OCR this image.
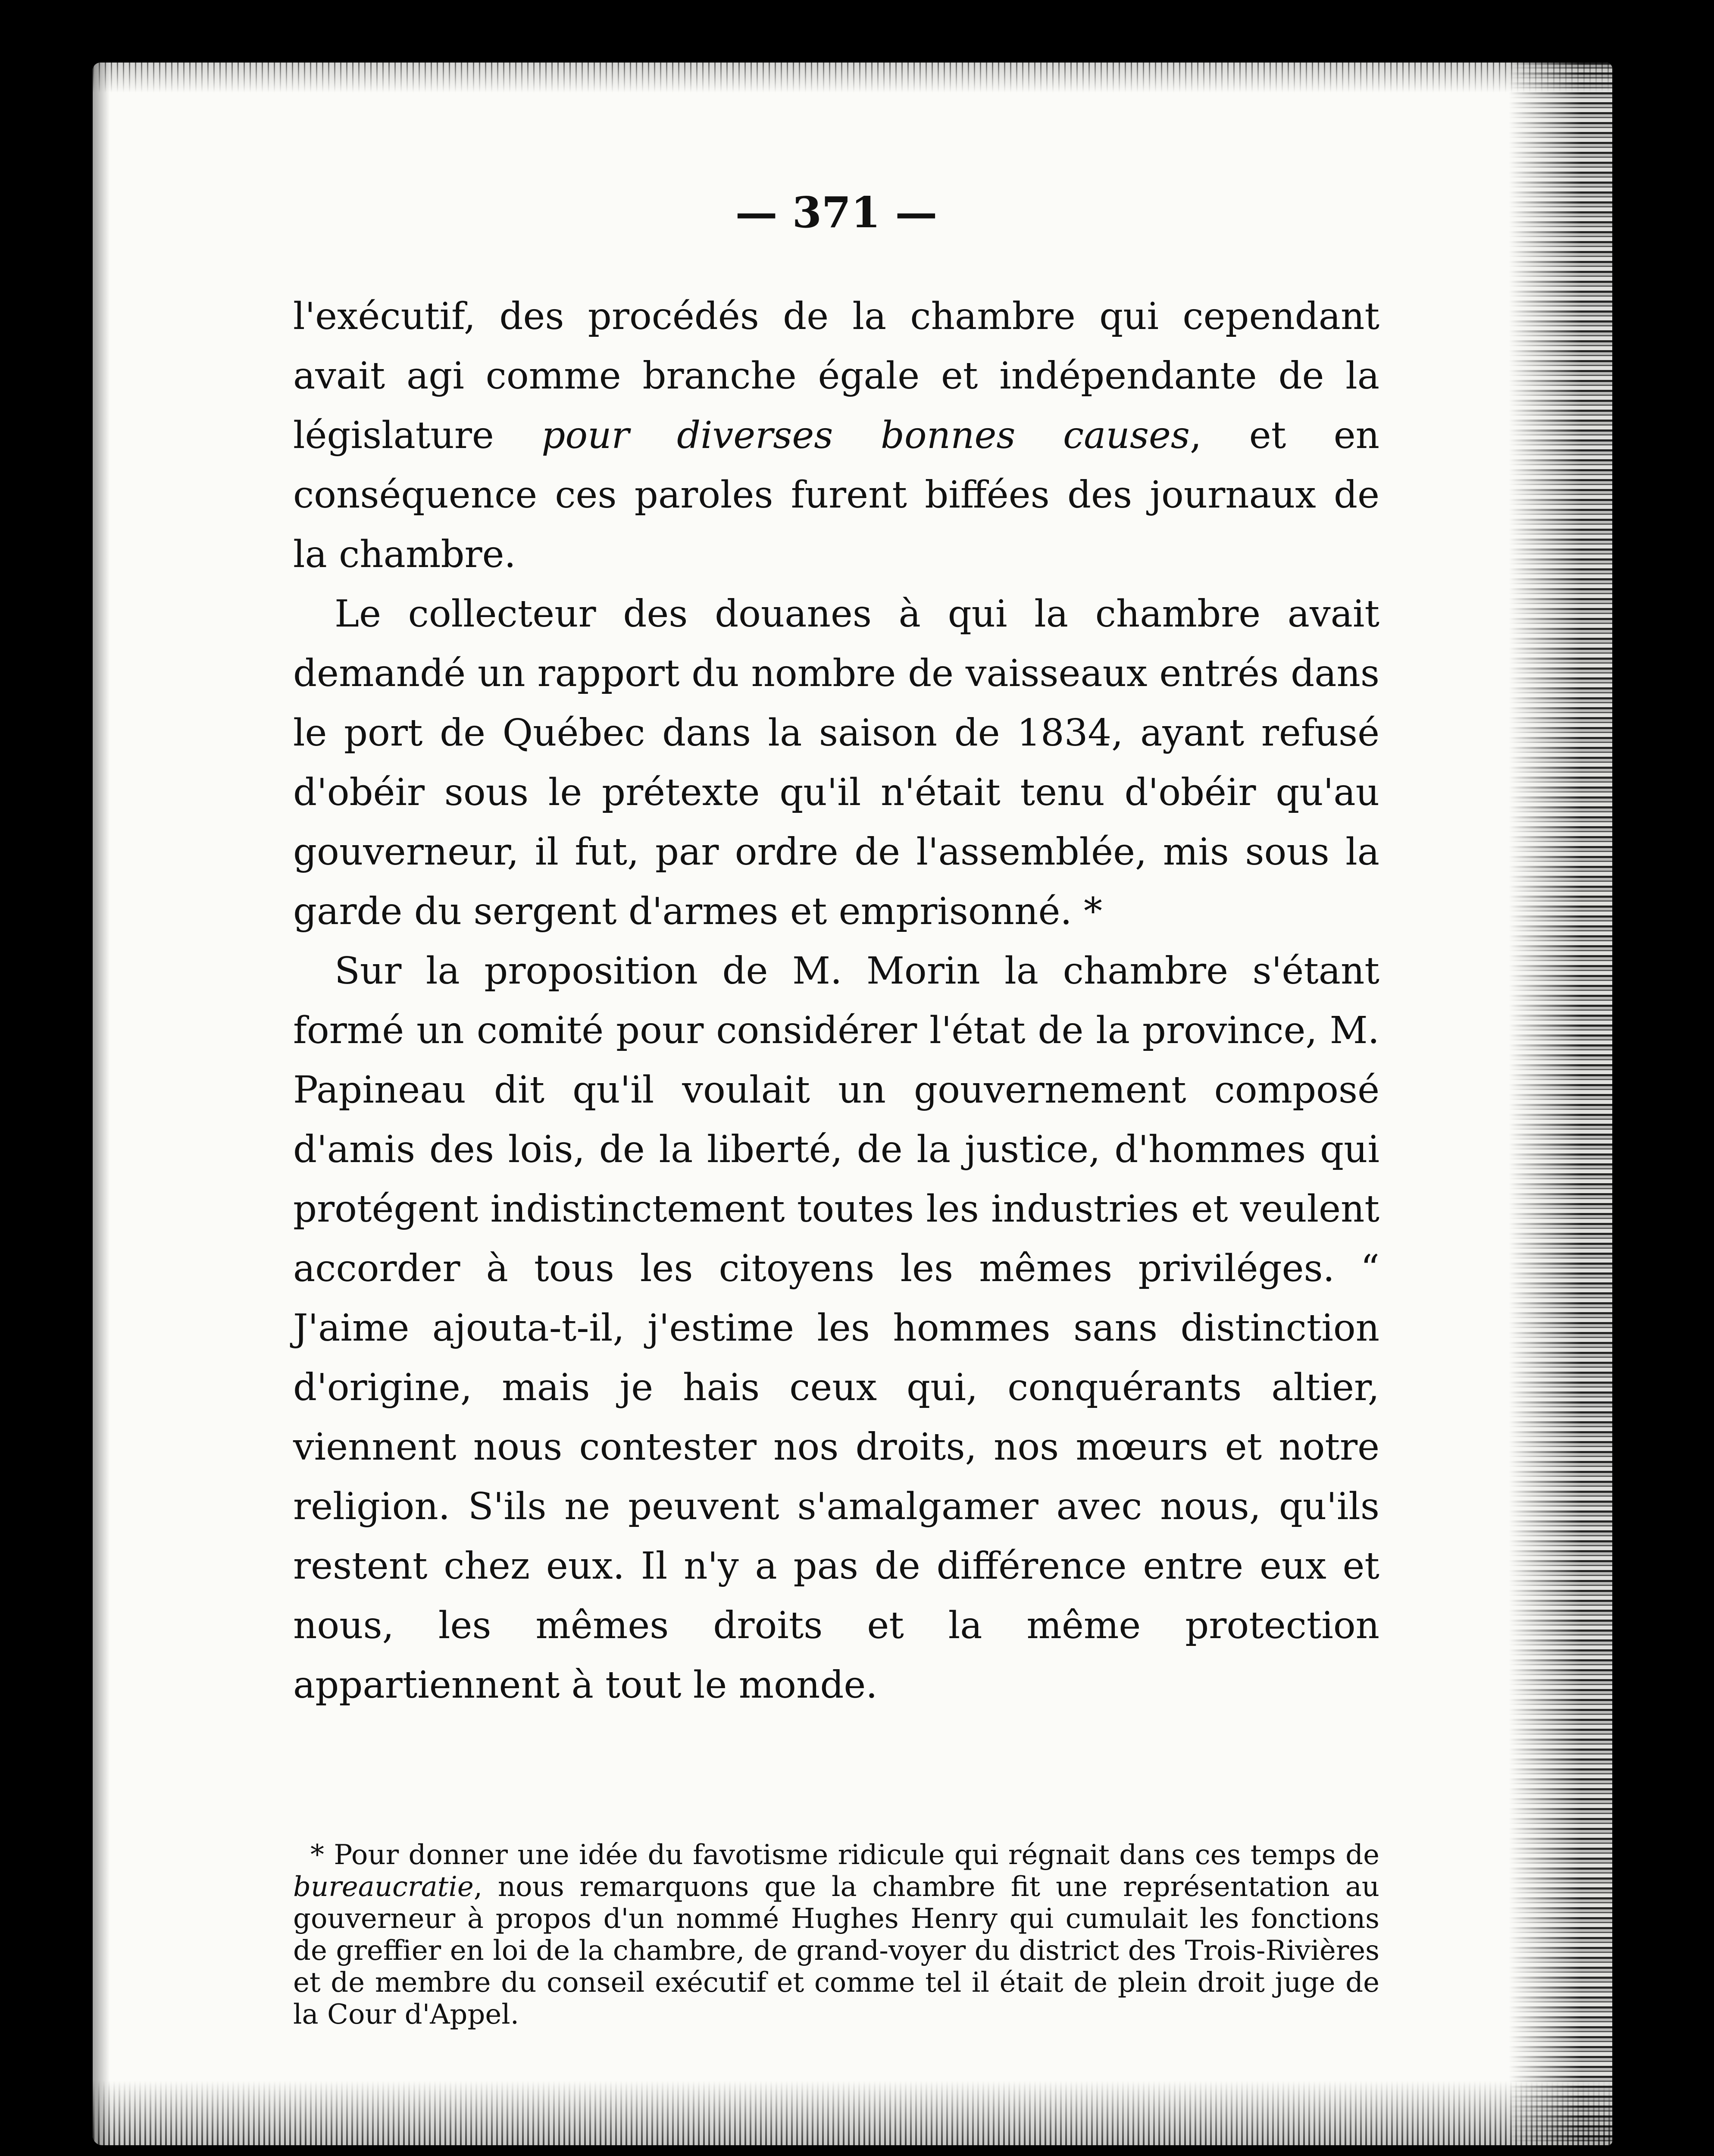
— 371 —

l'exécutif, des procédés de la chambre qui cependant avait agi comme branche égale et indépendante de la législature pour diverses bonnes causes, et en conséquence ces paroles furent biffées des journaux de la chambre.

Le collecteur des douanes à qui la chambre avait demandé un rapport du nombre de vaisseaux entrés dans le port de Québec dans la saison de 1834, ayant refusé d'obéir sous le prétexte qu'il n'était tenu d'obéir qu'au gouverneur, il fut, par ordre de l'assemblée, mis sous la garde du sergent d'armes et emprisonné. *

Sur la proposition de M. Morin la chambre s'étant formé un comité pour considérer l'état de la province, M. Papineau dit qu'il voulait un gouvernement composé d'amis des lois, de la liberté, de la justice, d'hommes qui protégent indistinctement toutes les industries et veulent accorder à tous les citoyens les mêmes priviléges. “ J'aime ajouta-t-il, j'estime les hommes sans distinction d'origine, mais je hais ceux qui, conquérants altier, viennent nous contester nos droits, nos mœurs et notre religion. S'ils ne peuvent s'amalgamer avec nous, qu'ils restent chez eux. Il n'y a pas de différence entre eux et nous, les mêmes droits et la même protection appartiennent à tout le monde.

* Pour donner une idée du favotisme ridicule qui régnait dans ces temps de bureaucratie, nous remarquons que la chambre fit une représentation au gouverneur à propos d'un nommé Hughes Henry qui cumulait les fonctions de greffier en loi de la chambre, de grand-voyer du district des Trois-Rivières et de membre du conseil exécutif et comme tel il était de plein droit juge de la Cour d'Appel.
